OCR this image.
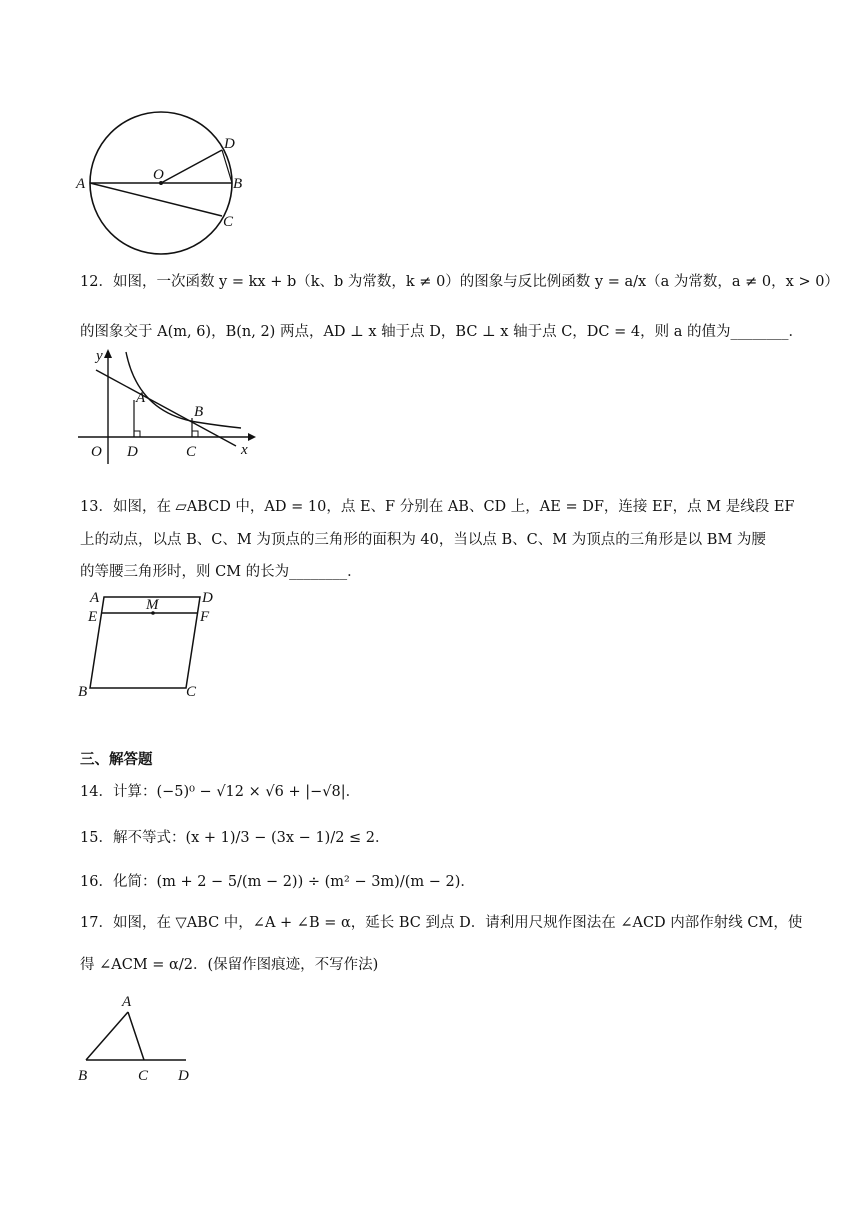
A
O
B
C
D
12．如图，一次函数 y = kx + b（k、b 为常数，k ≠ 0）的图象与反比例函数 y = a/x（a 为常数，a ≠ 0，x > 0）
的图象交于 A(m, 6)，B(n, 2) 两点，AD ⊥ x 轴于点 D，BC ⊥ x 轴于点 C，DC = 4，则 a 的值为________．
y
x
O
A
B
D	C
13．如图，在 ▱ABCD 中，AD = 10，点 E、F 分别在 AB、CD 上，AE = DF，连接 EF，点 M 是线段 EF
上的动点，以点 B、C、M 为顶点的三角形的面积为 40，当以点 B、C、M 为顶点的三角形是以 BM 为腰
的等腰三角形时，则 CM 的长为________．
A	D
E	F
M
B	C
三、解答题
14．计算：(−5)⁰ − √12 × √6 + |−√8|．
15．解不等式：(x + 1)/3 − (3x − 1)/2 ≤ 2．
16．化简：(m + 2 − 5/(m − 2)) ÷ (m² − 3m)/(m − 2)．
17．如图，在 ▽ABC 中，∠A + ∠B = α，延长 BC 到点 D．请利用尺规作图法在 ∠ACD 内部作射线 CM，使
得 ∠ACM = α/2．(保留作图痕迹，不写作法)
A
B	C D
